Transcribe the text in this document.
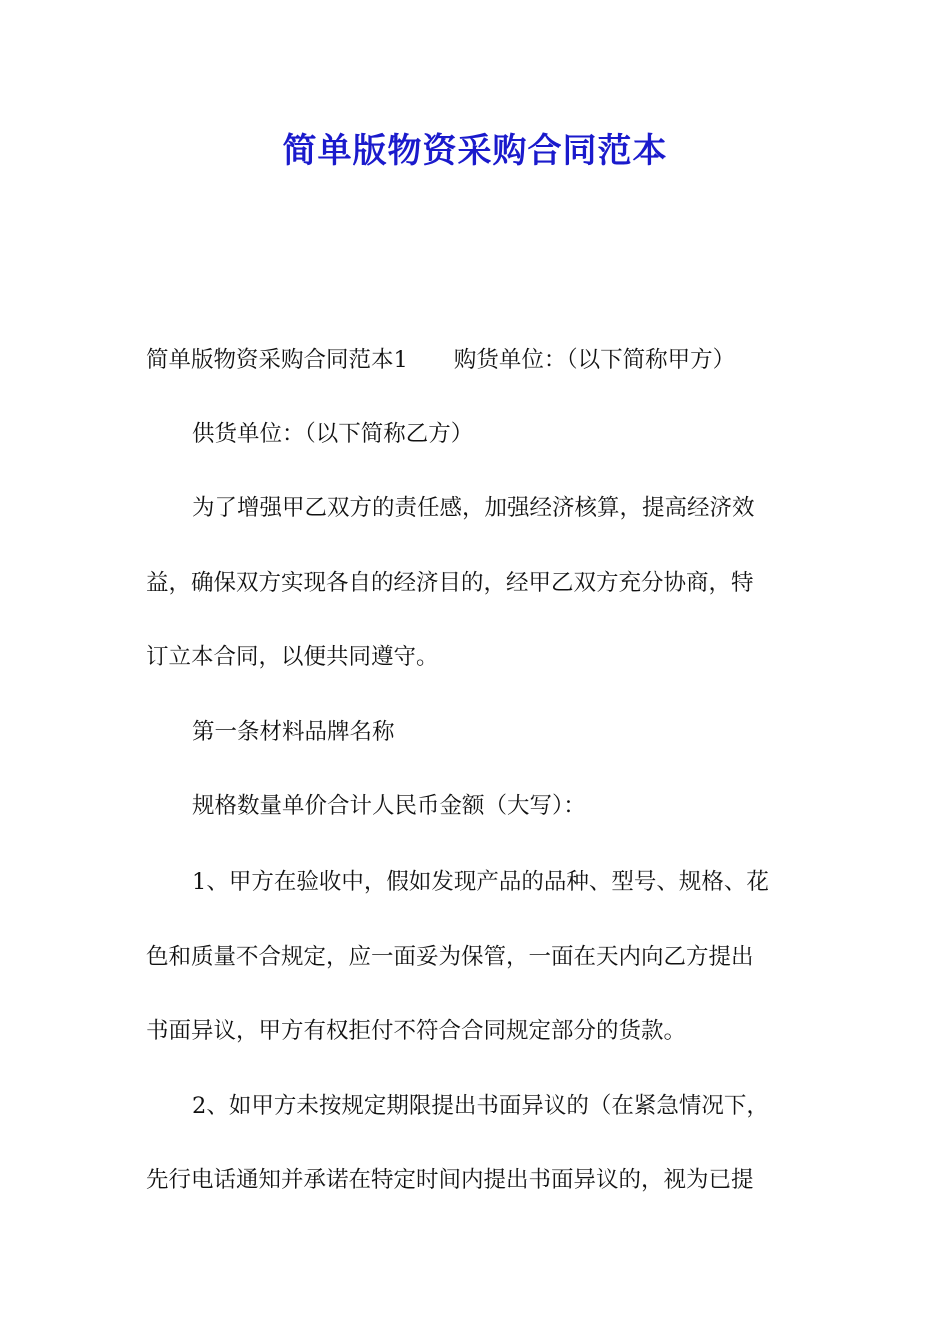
简单版物资采购合同范本
简单版物资采购合同范本1 购货单位：（以下简称甲方）
供货单位：（以下简称乙方）
为了增强甲乙双方的责任感，加强经济核算，提高经济效
益，确保双方实现各自的经济目的，经甲乙双方充分协商，特
订立本合同，以便共同遵守。
第一条材料品牌名称
规格数量单价合计人民币金额（大写）：
1、甲方在验收中，假如发现产品的品种、型号、规格、花
色和质量不合规定，应一面妥为保管，一面在天内向乙方提出
书面异议，甲方有权拒付不符合合同规定部分的货款。
2、如甲方未按规定期限提出书面异议的（在紧急情况下，
先行电话通知并承诺在特定时间内提出书面异议的，视为已提
